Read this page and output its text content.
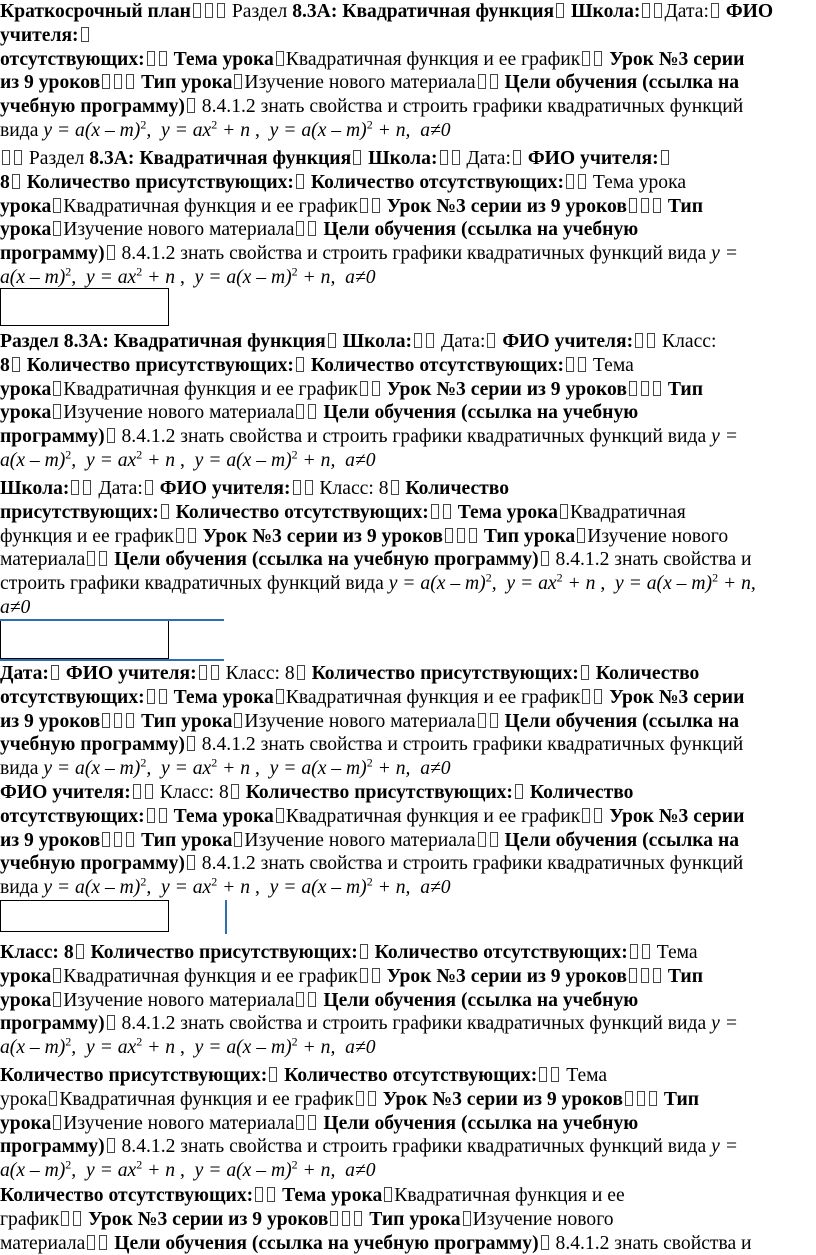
Краткосрочный план Раздел 8.3А: Квадратичная функция Школа: Дата: ФИО
учителя:
отсутствующих: Тема урока Квадратичная функция и ее график Урок №3 серии
из 9 уроков Тип урока Изучение нового материала Цели обучения (ссылка на
учебную программу) 8.4.1.2 знать свойства и строить графики квадратичных функций
вида y = a(x – m)$^2$, $y = ax^2 + n$ ,  y = a(x – m)$^2$ + n, a≠0

Раздел 8.3А: Квадратичная функция Школа: Дата: ФИО учителя:
8 Количество присутствующих: Количество отсутствующих: Тема урока
урока Квадратичная функция и ее график Урок №3 серии из 9 уроков Тип
урока Изучение нового материала Цели обучения (ссылка на учебную
программу) 8.4.1.2 знать свойства и строить графики квадратичных функций вида y =
a(x – m)$^2$, $y = ax^2 + n$ ,  y = a(x – m)$^2$ + n, a≠0

Раздел 8.3А: Квадратичная функция Школа: Дата: ФИО учителя: Класс:
8 Количество присутствующих: Количество отсутствующих: Тема
урока Квадратичная функция и ее график Урок №3 серии из 9 уроков Тип
урока Изучение нового материала Цели обучения (ссылка на учебную
программу) 8.4.1.2 знать свойства и строить графики квадратичных функций вида y =
a(x – m)$^2$, $y = ax^2 + n$ ,  y = a(x – m)$^2$ + n, a≠0

Школа: Дата: ФИО учителя: Класс: 8 Количество
присутствующих: Количество отсутствующих: Тема урока Квадратичная
функция и ее график Урок №3 серии из 9 уроков Тип урока Изучение нового
материала Цели обучения (ссылка на учебную программу) 8.4.1.2 знать свойства и
строить графики квадратичных функций вида y = a(x – m)$^2$, $y = ax^2 + n$ ,  y = a(x – m)$^2$ + n,
a≠0

Дата: ФИО учителя: Класс: 8 Количество присутствующих: Количество
отсутствующих: Тема урока Квадратичная функция и ее график Урок №3 серии
из 9 уроков Тип урока Изучение нового материала Цели обучения (ссылка на
учебную программу) 8.4.1.2 знать свойства и строить графики квадратичных функций
вида y = a(x – m)$^2$, $y = ax^2 + n$ ,  y = a(x – m)$^2$ + n, a≠0

ФИО учителя: Класс: 8 Количество присутствующих: Количество
отсутствующих: Тема урока Квадратичная функция и ее график Урок №3 серии
из 9 уроков Тип урока Изучение нового материала Цели обучения (ссылка на
учебную программу) 8.4.1.2 знать свойства и строить графики квадратичных функций
вида y = a(x – m)$^2$, $y = ax^2 + n$ ,  y = a(x – m)$^2$ + n, a≠0

Класс: 8 Количество присутствующих: Количество отсутствующих: Тема
урока Квадратичная функция и ее график Урок №3 серии из 9 уроков Тип
урока Изучение нового материала Цели обучения (ссылка на учебную
программу) 8.4.1.2 знать свойства и строить графики квадратичных функций вида y =
a(x – m)$^2$, $y = ax^2 + n$ ,  y = a(x – m)$^2$ + n, a≠0

Количество присутствующих: Количество отсутствующих: Тема
урока Квадратичная функция и ее график Урок №3 серии из 9 уроков Тип
урока Изучение нового материала Цели обучения (ссылка на учебную
программу) 8.4.1.2 знать свойства и строить графики квадратичных функций вида y =
a(x – m)$^2$, $y = ax^2 + n$ ,  y = a(x – m)$^2$ + n, a≠0

Количество отсутствующих: Тема урока Квадратичная функция и ее
график Урок №3 серии из 9 уроков Тип урока Изучение нового
материала Цели обучения (ссылка на учебную программу) 8.4.1.2 знать свойства и
